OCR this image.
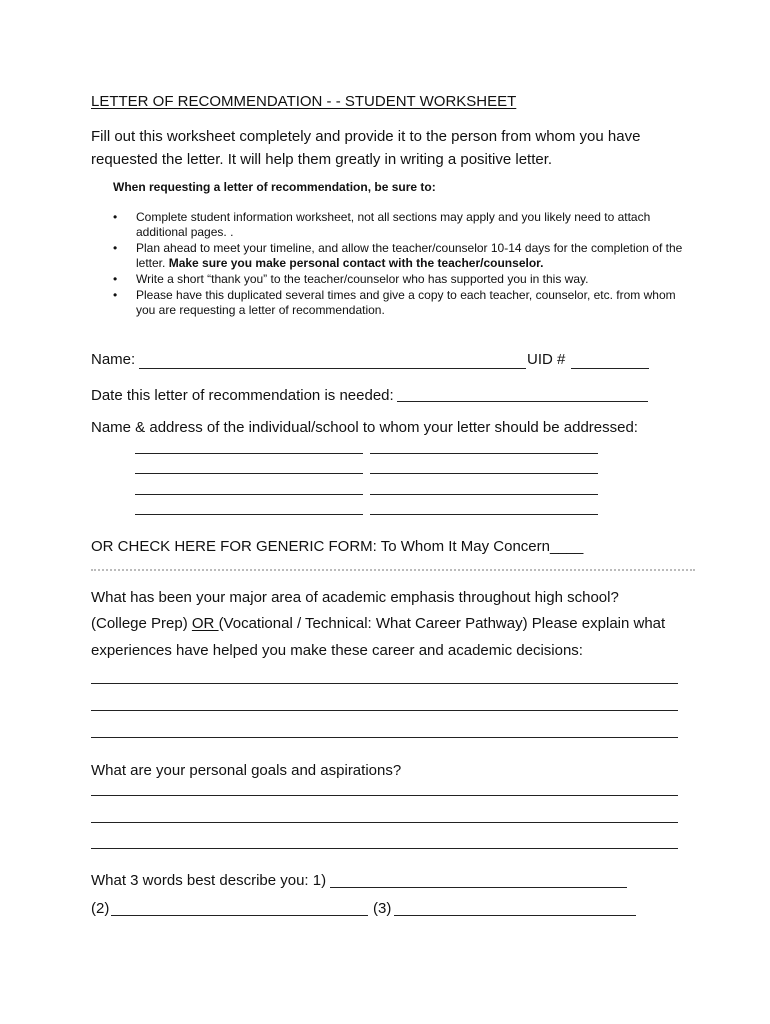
LETTER OF RECOMMENDATION - - STUDENT WORKSHEET
Fill out this worksheet completely and provide it to the person from whom you have requested the letter. It will help them greatly in writing a positive letter.
When requesting a letter of recommendation, be sure to:
• Complete student information worksheet, not all sections may apply and you likely need to attach additional pages. .
• Plan ahead to meet your timeline, and allow the teacher/counselor 10-14 days for the completion of the letter. Make sure you make personal contact with the teacher/counselor.
• Write a short “thank you” to the teacher/counselor who has supported you in this way.
• Please have this duplicated several times and give a copy to each teacher, counselor, etc. from whom you are requesting a letter of recommendation.
Name:	UID #
Date this letter of recommendation is needed:
Name & address of the individual/school to whom your letter should be addressed:
OR CHECK HERE FOR GENERIC FORM: To Whom It May Concern____
What has been your major area of academic emphasis throughout high school?
(College Prep) OR (Vocational / Technical: What Career Pathway) Please explain what
experiences have helped you make these career and academic decisions:
What are your personal goals and aspirations?
What 3 words best describe you: 1)
(2)	(3)
